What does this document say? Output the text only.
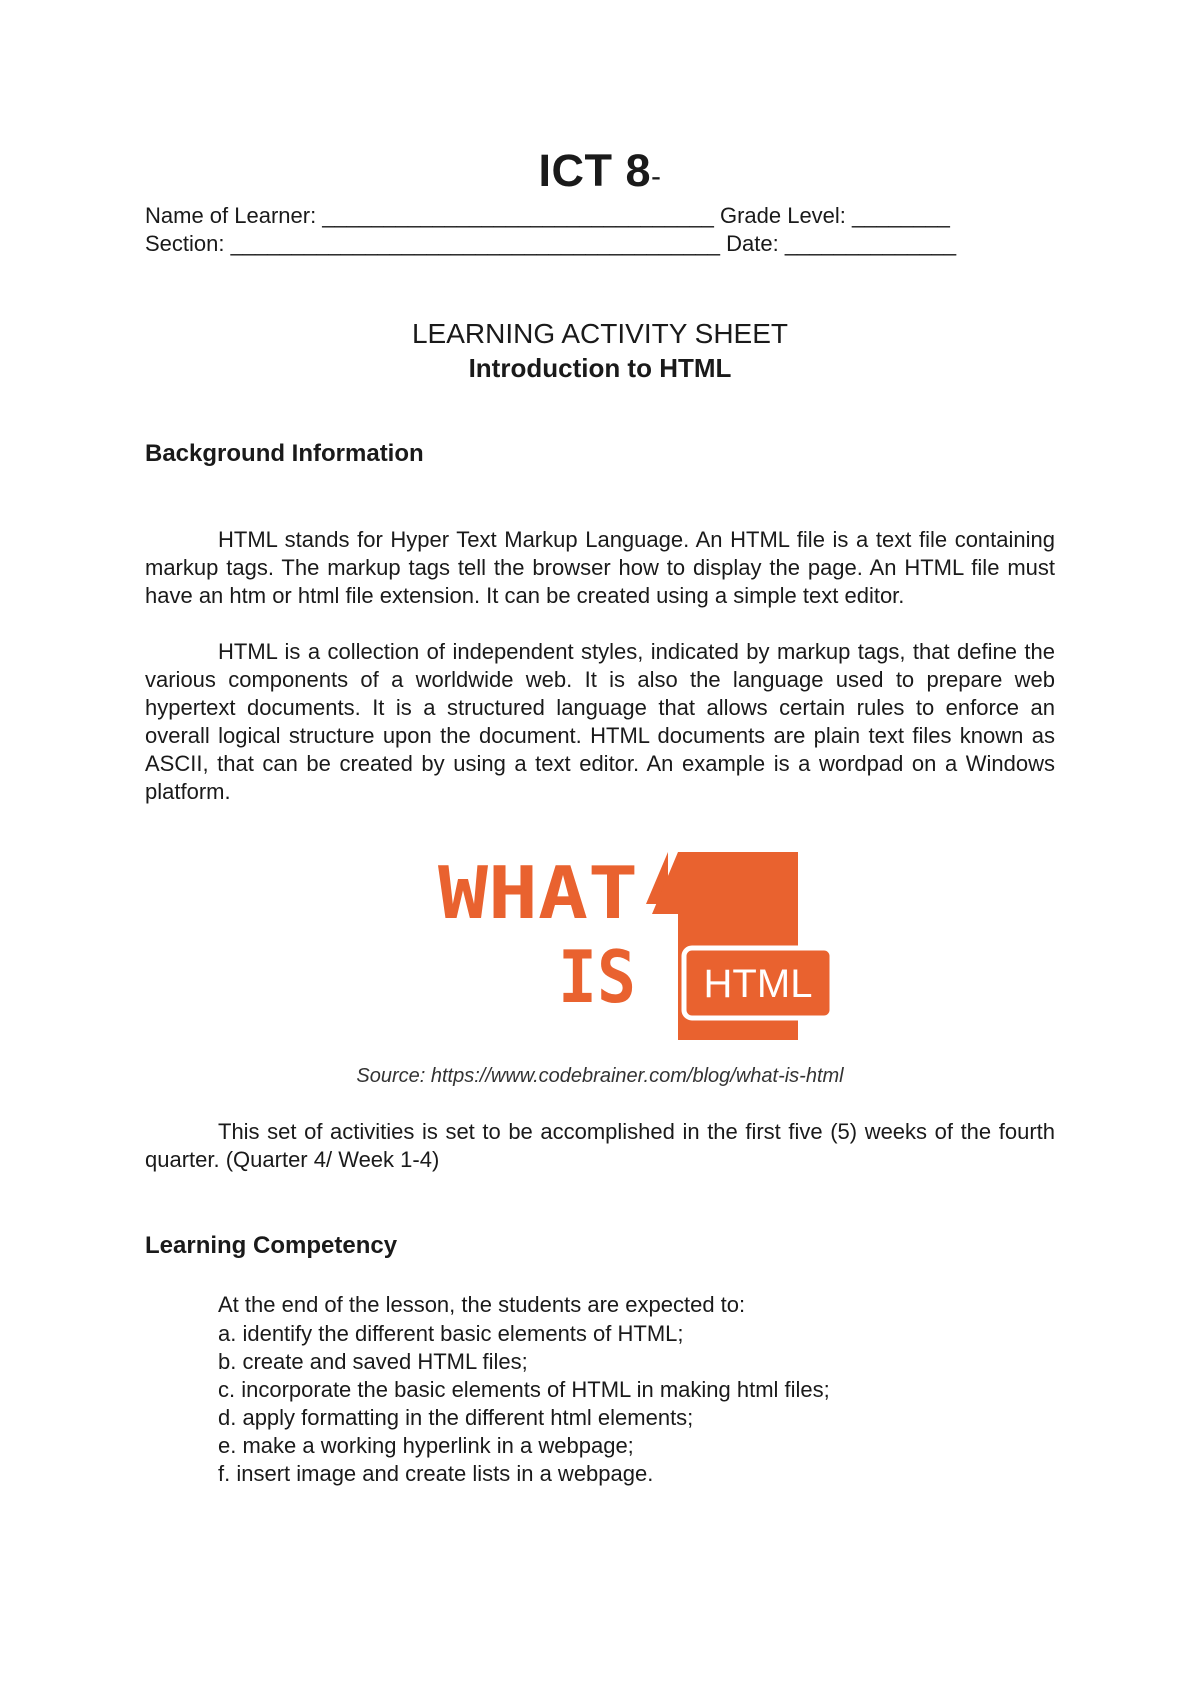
ICT 8-
Name of Learner: ________________________________ Grade Level: ________
Section: ________________________________________ Date: ______________
LEARNING ACTIVITY SHEET
Introduction to HTML
Background Information

HTML stands for Hyper Text Markup Language. An HTML file is a text file containing markup tags. The markup tags tell the browser how to display the page. An HTML file must have an htm or html file extension. It can be created using a simple text editor.

HTML is a collection of independent styles, indicated by markup tags, that define the various components of a worldwide web. It is also the language used to prepare web hypertext documents. It is a structured language that allows certain rules to enforce an overall logical structure upon the document. HTML documents are plain text files known as ASCII, that can be created by using a text editor. An example is a wordpad on a Windows platform.

WHAT
IS HTML
Source: https://www.codebrainer.com/blog/what-is-html

This set of activities is set to be accomplished in the first five (5) weeks of the fourth quarter. (Quarter 4/ Week 1-4)

Learning Competency
At the end of the lesson, the students are expected to:
a. identify the different basic elements of HTML;
b. create and saved HTML files;
c. incorporate the basic elements of HTML in making html files;
d. apply formatting in the different html elements;
e. make a working hyperlink in a webpage;
f. insert image and create lists in a webpage.
